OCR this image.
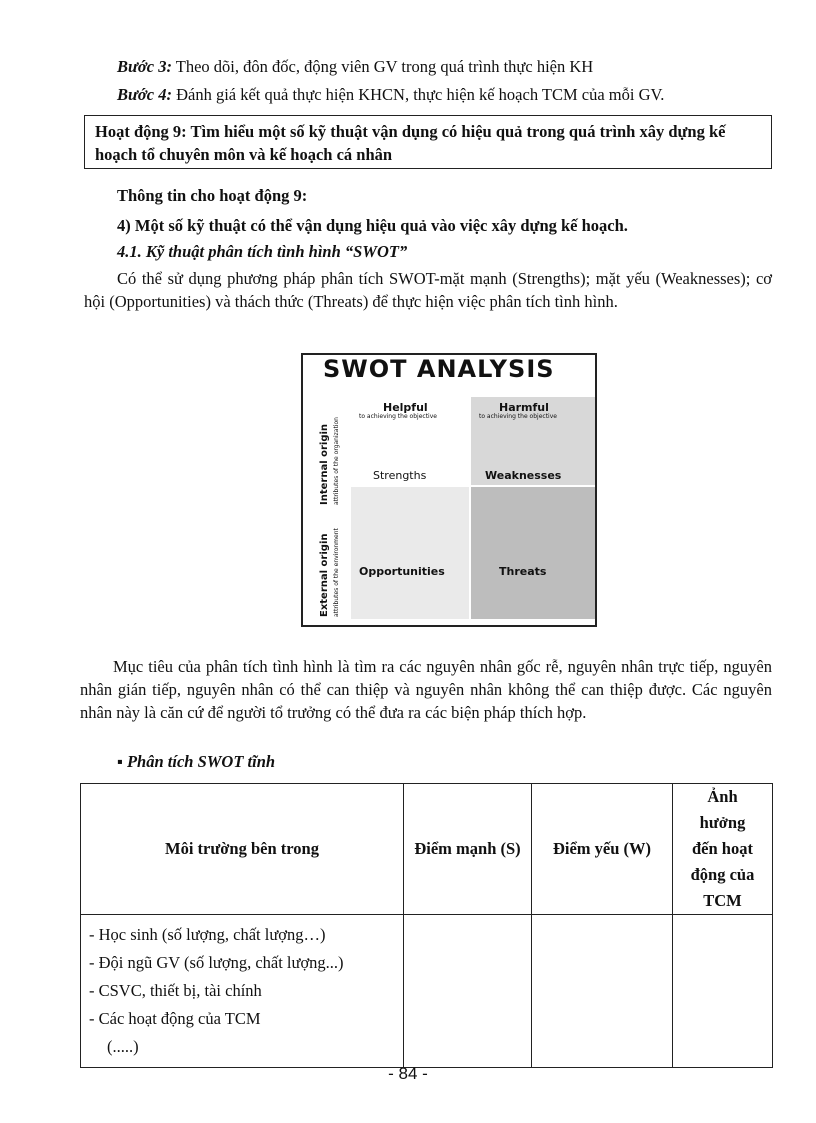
Bước 3: Theo dõi, đôn đốc, động viên GV trong quá trình thực hiện KH
Bước 4: Đánh giá kết quả thực hiện KHCN, thực hiện kế hoạch TCM của mỗi GV.
Hoạt động 9: Tìm hiểu một số kỹ thuật vận dụng có hiệu quả trong quá trình xây dựng kế hoạch tổ chuyên môn và kế hoạch cá nhân
Thông tin cho hoạt động 9:
4) Một số kỹ thuật có thể vận dụng hiệu quả vào việc xây dựng kế hoạch.
4.1. Kỹ thuật phân tích tình hình “SWOT”
Có thể sử dụng phương pháp phân tích SWOT-mặt mạnh (Strengths); mặt yếu (Weaknesses); cơ hội (Opportunities) và thách thức (Threats) để thực hiện việc phân tích tình hình.
SWOT ANALYSIS
Helpful
to achieving the objective
Harmful
to achieving the objective
Internal origin attributes of the organization
External origin attributes of the environment
Strengths	Weaknesses
Opportunities	Threats
Mục tiêu của phân tích tình hình là tìm ra các nguyên nhân gốc rễ, nguyên nhân trực tiếp, nguyên nhân gián tiếp, nguyên nhân có thể can thiệp và nguyên nhân không thể can thiệp được. Các nguyên nhân này là căn cứ để người tổ trưởng có thể đưa ra các biện pháp thích hợp.
▪ Phân tích SWOT tĩnh
Môi trường bên trong	Điểm mạnh (S)	Điểm yếu (W)	Ảnh hưởng đến hoạt động của TCM

- Học sinh (số lượng, chất lượng…)
- Đội ngũ GV (số lượng, chất lượng...)
- CSVC, thiết bị, tài chính
- Các hoạt động của TCM
(.....)			

- 84 -
